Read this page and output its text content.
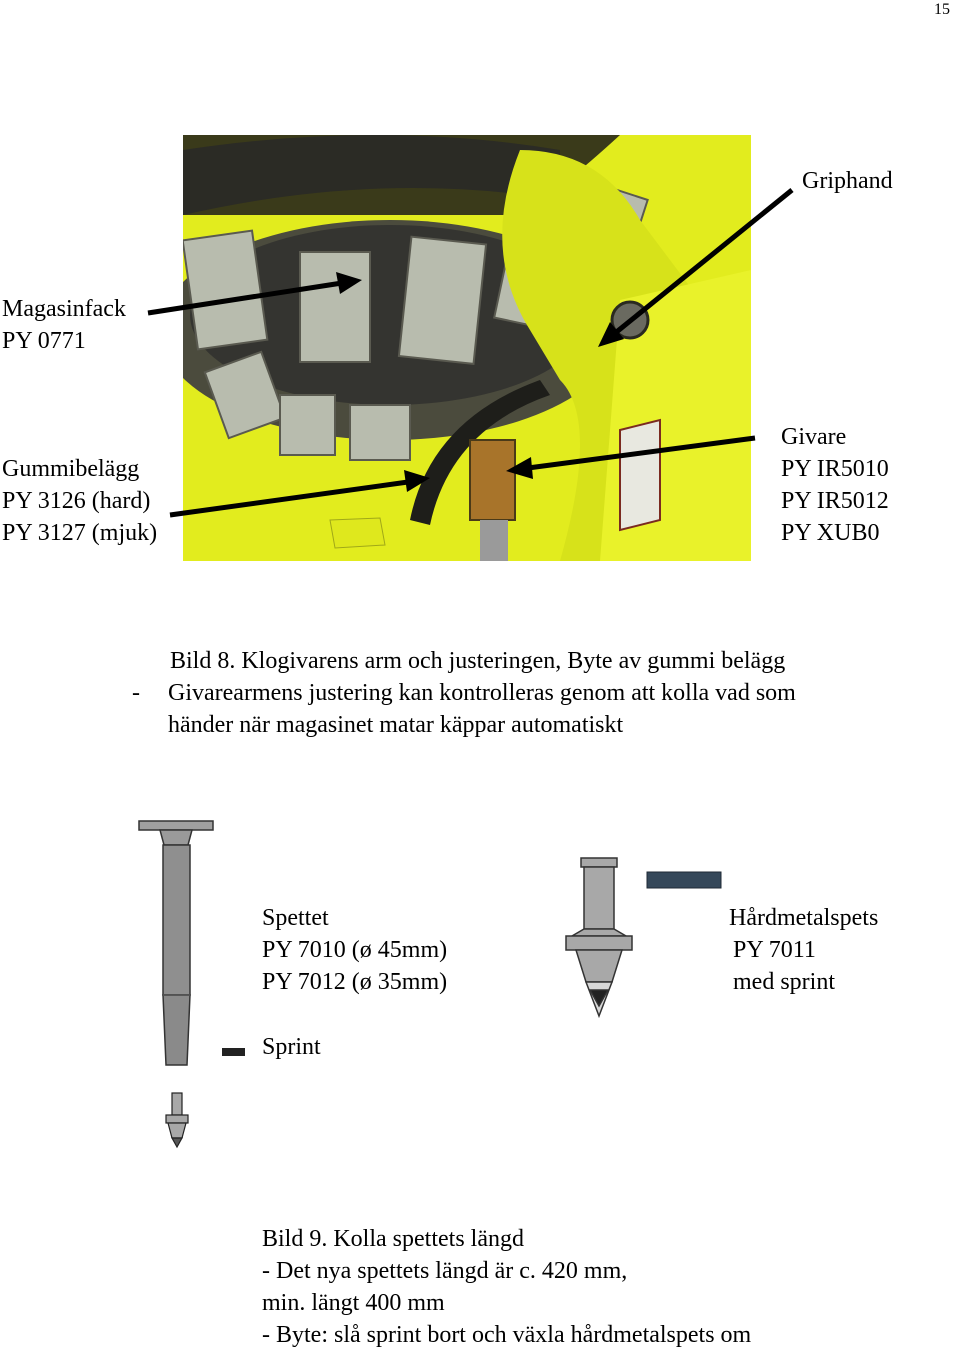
15
Griphand
Magasinfack
PY 0771
Gummibelägg
PY 3126 (hard)
PY 3127 (mjuk)
Givare
PY IR5010
PY IR5012
PY XUB0
Bild 8. Klogivarens arm och justeringen, Byte av gummi belägg
- Givarearmens justering kan kontrolleras genom att kolla vad som
händer när magasinet matar käppar automatiskt
Spettet
PY 7010 (ø 45mm)
PY 7012 (ø 35mm)
Sprint
Hårdmetalspets
PY 7011
med sprint
Bild 9. Kolla spettets längd
- Det nya spettets längd är c. 420 mm,
min. längt 400 mm
- Byte: slå sprint bort och växla hårdmetalspets om
